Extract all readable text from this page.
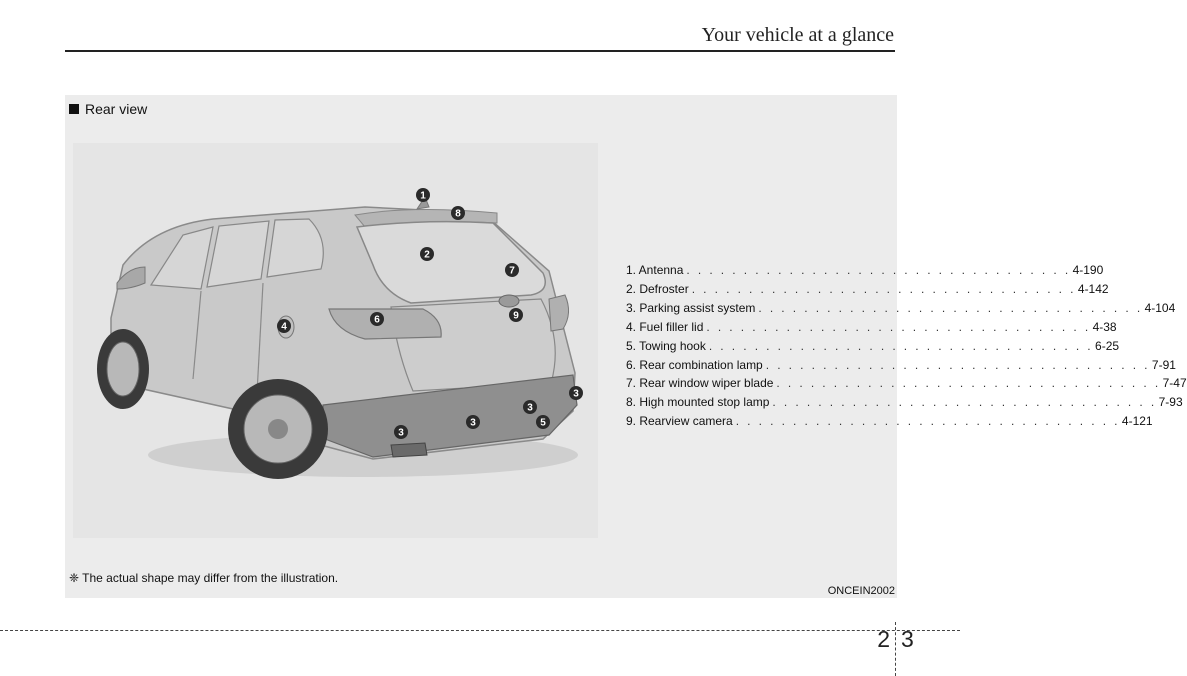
Your vehicle at a glance
Rear view
1
8
2
7
9
6
4
3
3
3
3
5
1. Antenna . . . . . . . . . . . . . . . . . . . . . . . . . . . . . . . . . . 4-190
2. Defroster . . . . . . . . . . . . . . . . . . . . . . . . . . . . . . . . . . 4-142
3. Parking assist system . . . . . . . . . . . . . . . . . . . . . . . . . . . . . . . . . . 4-104
4. Fuel filler lid . . . . . . . . . . . . . . . . . . . . . . . . . . . . . . . . . . 4-38
5. Towing hook . . . . . . . . . . . . . . . . . . . . . . . . . . . . . . . . . . 6-25
6. Rear combination lamp . . . . . . . . . . . . . . . . . . . . . . . . . . . . . . . . . . 7-91
7. Rear window wiper blade . . . . . . . . . . . . . . . . . . . . . . . . . . . . . . . . . . 7-47
8. High mounted stop lamp . . . . . . . . . . . . . . . . . . . . . . . . . . . . . . . . . . 7-93
9. Rearview camera . . . . . . . . . . . . . . . . . . . . . . . . . . . . . . . . . . 4-121
❈ The actual shape may differ from the illustration.
ONCEIN2002
2 3
